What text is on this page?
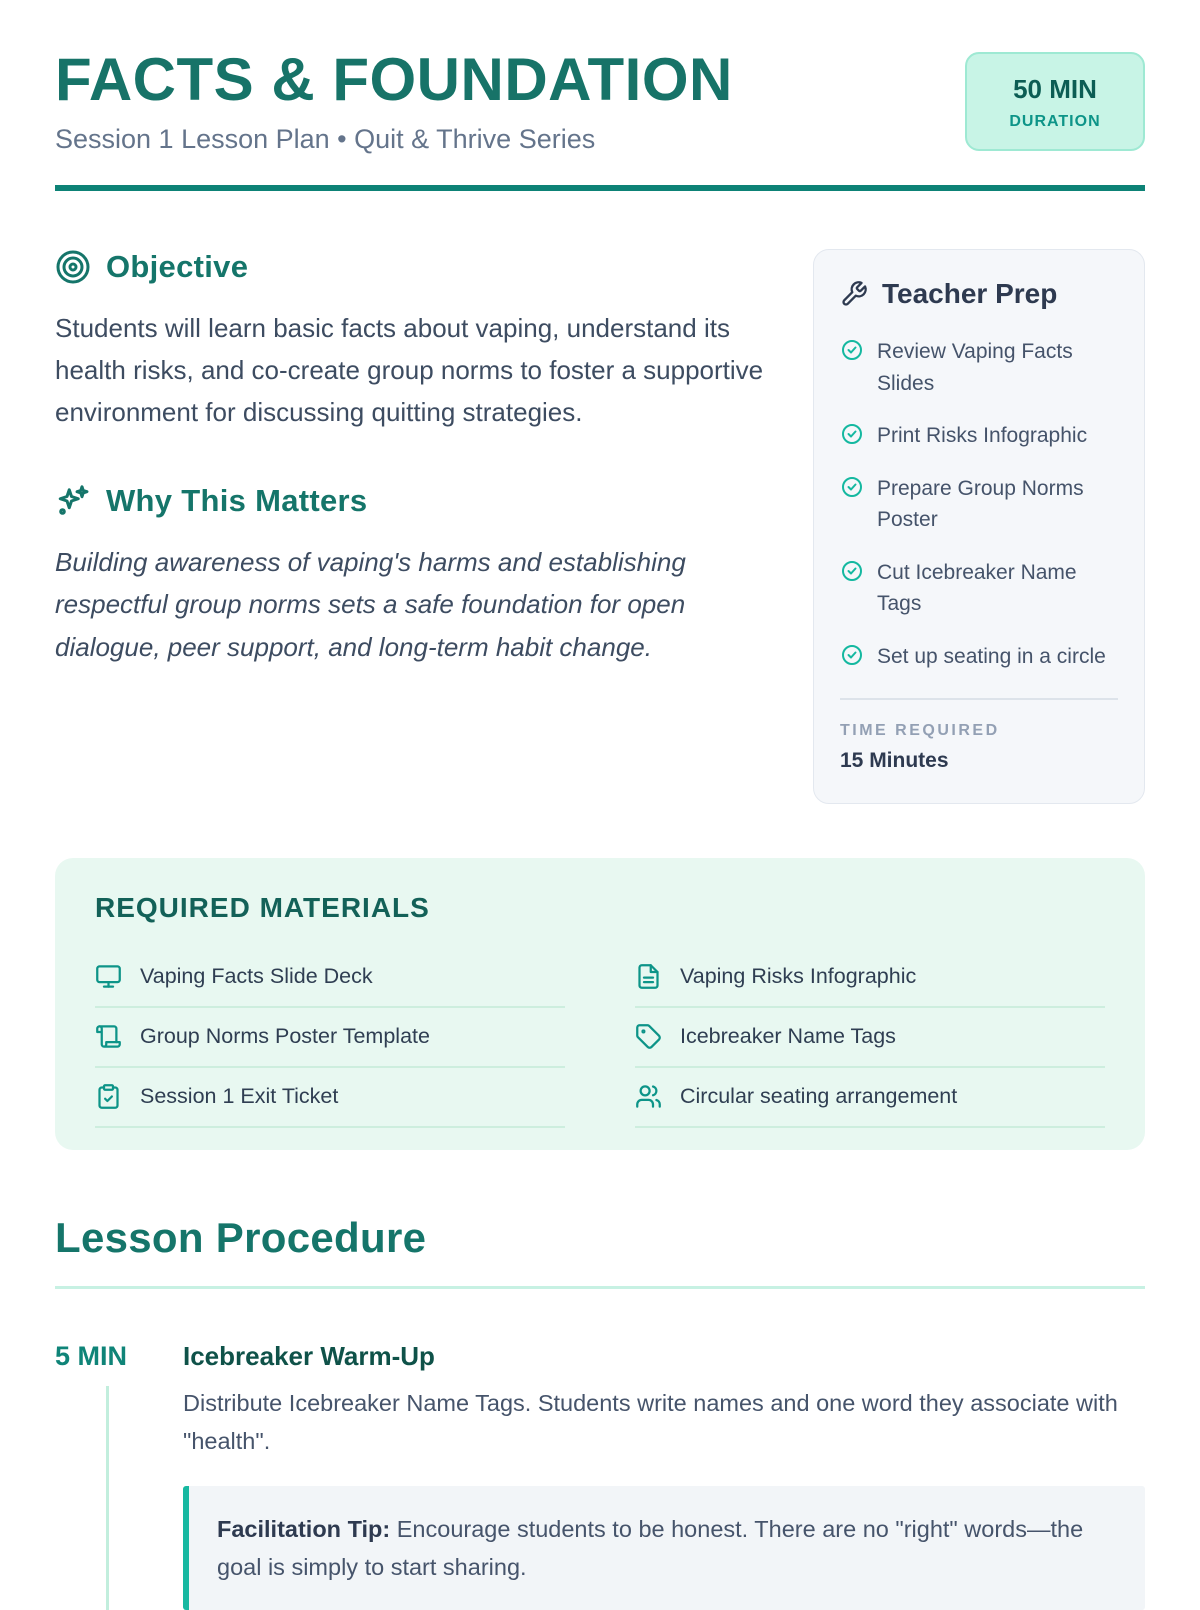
FACTS & FOUNDATION
Session 1 Lesson Plan • Quit & Thrive Series
50 MIN
DURATION
Objective

Students will learn basic facts about vaping, understand its health risks, and co-create group norms to foster a supportive environment for discussing quitting strategies.

Why This Matters

Building awareness of vaping's harms and establishing respectful group norms sets a safe foundation for open dialogue, peer support, and long-term habit change.

Teacher Prep
Review Vaping Facts Slides
Print Risks Infographic
Prepare Group Norms Poster
Cut Icebreaker Name Tags
Set up seating in a circle
TIME REQUIRED
15 Minutes
REQUIRED MATERIALS
Vaping Facts Slide Deck	Vaping Risks Infographic
Group Norms Poster Template	Icebreaker Name Tags
Session 1 Exit Ticket	Circular seating arrangement
Lesson Procedure
5 MIN Icebreaker Warm-Up

Distribute Icebreaker Name Tags. Students write names and one word they associate with "health".

Facilitation Tip: Encourage students to be honest. There are no "right" words—the goal is simply to start sharing.
